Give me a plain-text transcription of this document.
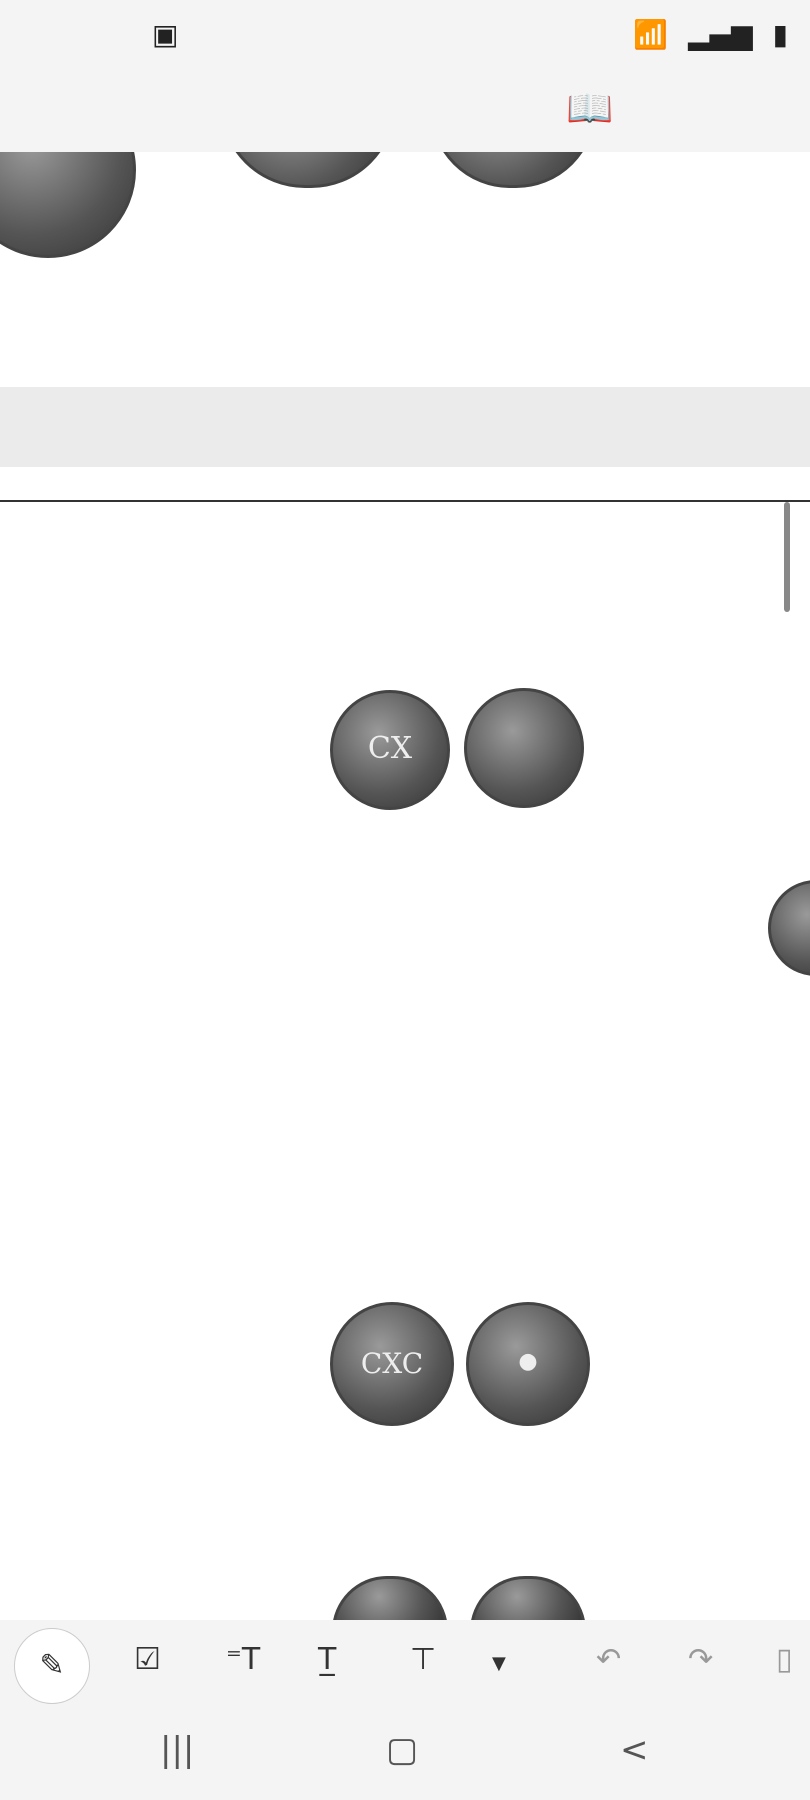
▣	📶 ▂▄▆ ▮
📖
CX
CXC	●
✎	☑ ⁼T T̲ ⊤	▼	↶ ↷ ▯
|||	▢	<
